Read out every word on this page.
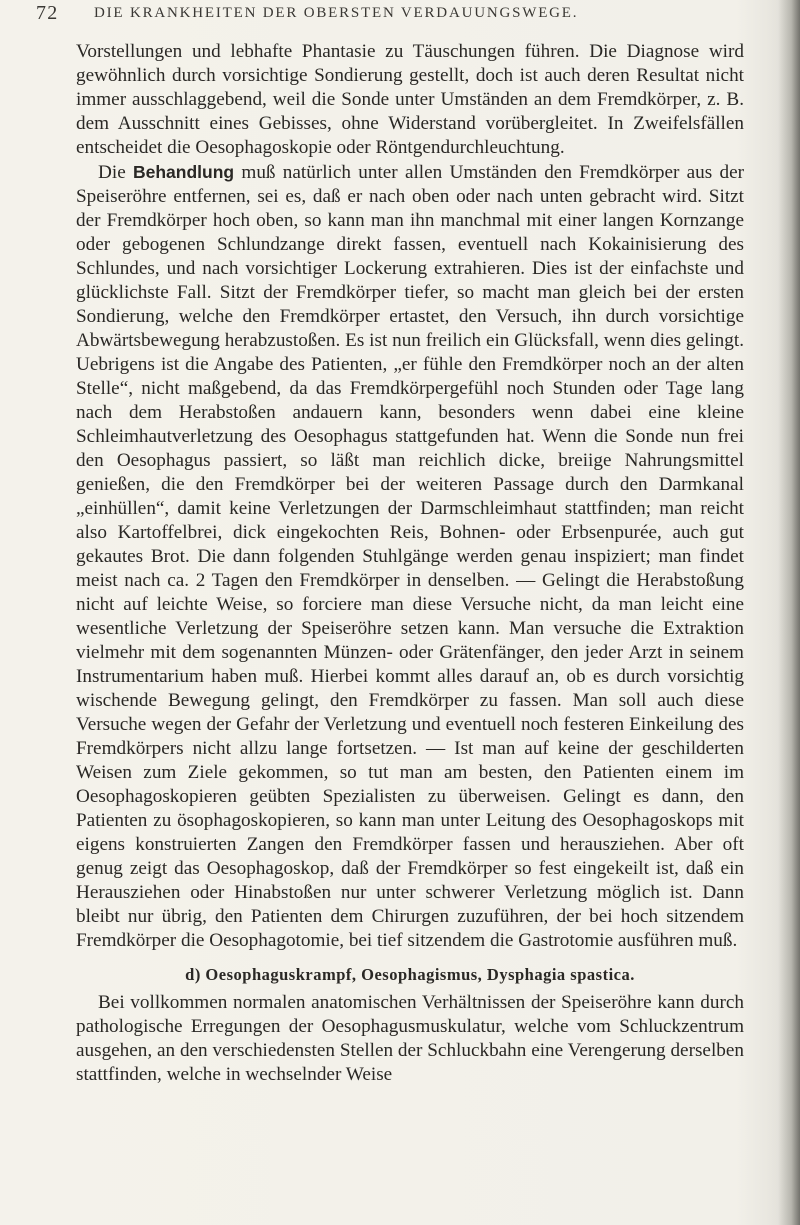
72 DIE KRANKHEITEN DER OBERSTEN VERDAUUNGSWEGE.

Vorstellungen und lebhafte Phantasie zu Täuschungen führen. Die Diagnose wird gewöhnlich durch vorsichtige Sondierung gestellt, doch ist auch deren Resultat nicht immer ausschlaggebend, weil die Sonde unter Umständen an dem Fremdkörper, z. B. dem Ausschnitt eines Gebisses, ohne Widerstand vorübergleitet. In Zweifelsfällen entscheidet die Oesophagoskopie oder Röntgendurchleuchtung.

Die Behandlung muß natürlich unter allen Umständen den Fremdkörper aus der Speiseröhre entfernen, sei es, daß er nach oben oder nach unten gebracht wird. Sitzt der Fremdkörper hoch oben, so kann man ihn manchmal mit einer langen Kornzange oder gebogenen Schlundzange direkt fassen, eventuell nach Kokainisierung des Schlundes, und nach vorsichtiger Lockerung extrahieren. Dies ist der einfachste und glücklichste Fall. Sitzt der Fremdkörper tiefer, so macht man gleich bei der ersten Sondierung, welche den Fremdkörper ertastet, den Versuch, ihn durch vorsichtige Abwärtsbewegung herabzustoßen. Es ist nun freilich ein Glücksfall, wenn dies gelingt. Uebrigens ist die Angabe des Patienten, „er fühle den Fremdkörper noch an der alten Stelle“, nicht maßgebend, da das Fremdkörpergefühl noch Stunden oder Tage lang nach dem Herabstoßen andauern kann, besonders wenn dabei eine kleine Schleimhautverletzung des Oesophagus stattgefunden hat. Wenn die Sonde nun frei den Oesophagus passiert, so läßt man reichlich dicke, breiige Nahrungsmittel genießen, die den Fremdkörper bei der weiteren Passage durch den Darmkanal „einhüllen“, damit keine Verletzungen der Darmschleimhaut stattfinden; man reicht also Kartoffelbrei, dick eingekochten Reis, Bohnen- oder Erbsenpurée, auch gut gekautes Brot. Die dann folgenden Stuhlgänge werden genau inspiziert; man findet meist nach ca. 2 Tagen den Fremdkörper in denselben. — Gelingt die Herabstoßung nicht auf leichte Weise, so forciere man diese Versuche nicht, da man leicht eine wesentliche Verletzung der Speiseröhre setzen kann. Man versuche die Extraktion vielmehr mit dem sogenannten Münzen- oder Grätenfänger, den jeder Arzt in seinem Instrumentarium haben muß. Hierbei kommt alles darauf an, ob es durch vorsichtig wischende Bewegung gelingt, den Fremdkörper zu fassen. Man soll auch diese Versuche wegen der Gefahr der Verletzung und eventuell noch festeren Einkeilung des Fremdkörpers nicht allzu lange fortsetzen. — Ist man auf keine der geschilderten Weisen zum Ziele gekommen, so tut man am besten, den Patienten einem im Oesophagoskopieren geübten Spezialisten zu überweisen. Gelingt es dann, den Patienten zu ösophagoskopieren, so kann man unter Leitung des Oesophagoskops mit eigens konstruierten Zangen den Fremdkörper fassen und herausziehen. Aber oft genug zeigt das Oesophagoskop, daß der Fremdkörper so fest eingekeilt ist, daß ein Herausziehen oder Hinabstoßen nur unter schwerer Verletzung möglich ist. Dann bleibt nur übrig, den Patienten dem Chirurgen zuzuführen, der bei hoch sitzendem Fremdkörper die Oesophagotomie, bei tief sitzendem die Gastrotomie ausführen muß.

d) Oesophaguskrampf, Oesophagismus, Dysphagia spastica.

Bei vollkommen normalen anatomischen Verhältnissen der Speiseröhre kann durch pathologische Erregungen der Oesophagusmuskulatur, welche vom Schluckzentrum ausgehen, an den verschiedensten Stellen der Schluckbahn eine Verengerung derselben stattfinden, welche in wechselnder Weise
